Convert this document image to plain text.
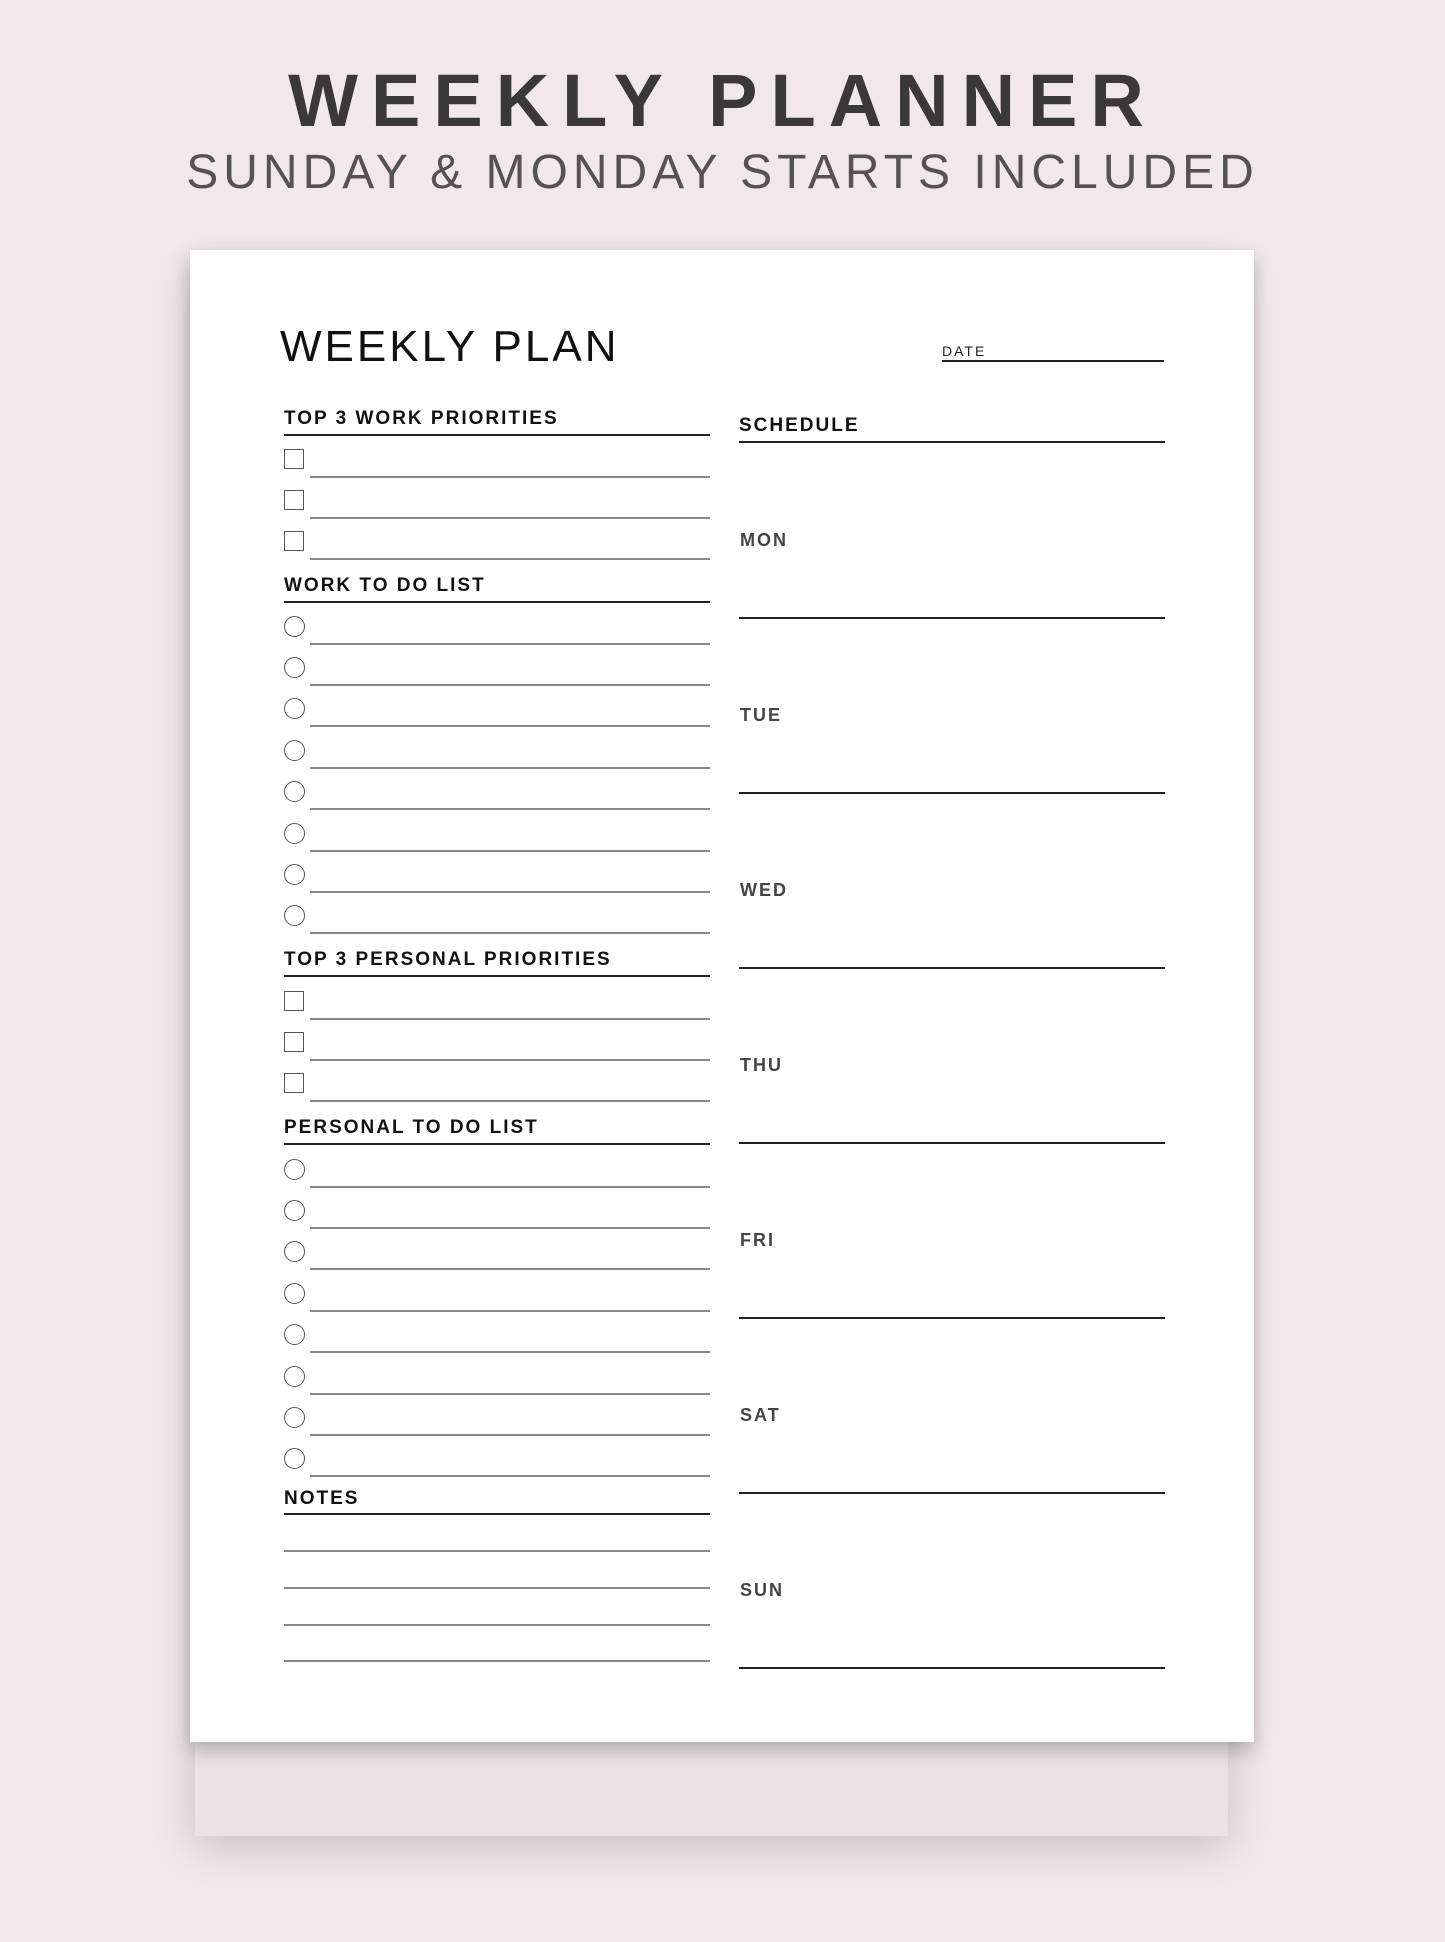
WEEKLY PLANNER
SUNDAY & MONDAY STARTS INCLUDED
WEEKLY PLAN	DATE
TOP 3 WORK PRIORITIES
WORK TO DO LIST
TOP 3 PERSONAL PRIORITIES
PERSONAL TO DO LIST
NOTES
SCHEDULE
MON
TUE
WED
THU
FRI
SAT
SUN
